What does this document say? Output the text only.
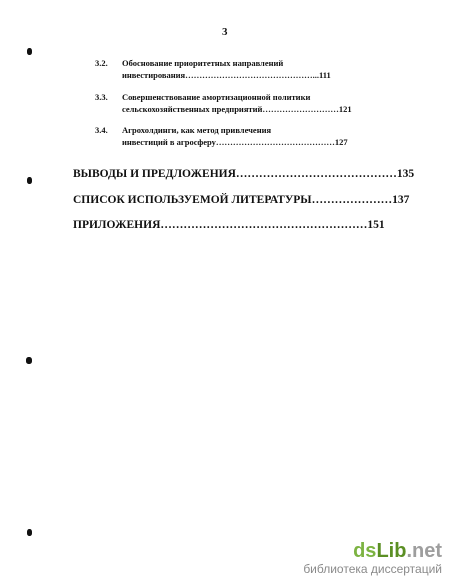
3
3.2. Обоснование приоритетных направлений
инвестирования………………………………………...111
3.3. Совершенствование амортизационной политики
сельскохозяйственных предприятий………………………121
3.4. Агрохолдинги, как метод привлечения
инвестиций в агросферу……………………………………127
ВЫВОДЫ И ПРЕДЛОЖЕНИЯ……………………………………135
СПИСОК ИСПОЛЬЗУЕМОЙ ЛИТЕРАТУРЫ…………………137
ПРИЛОЖЕНИЯ………………………………………………151
dsLib.net
библиотека диссертаций
